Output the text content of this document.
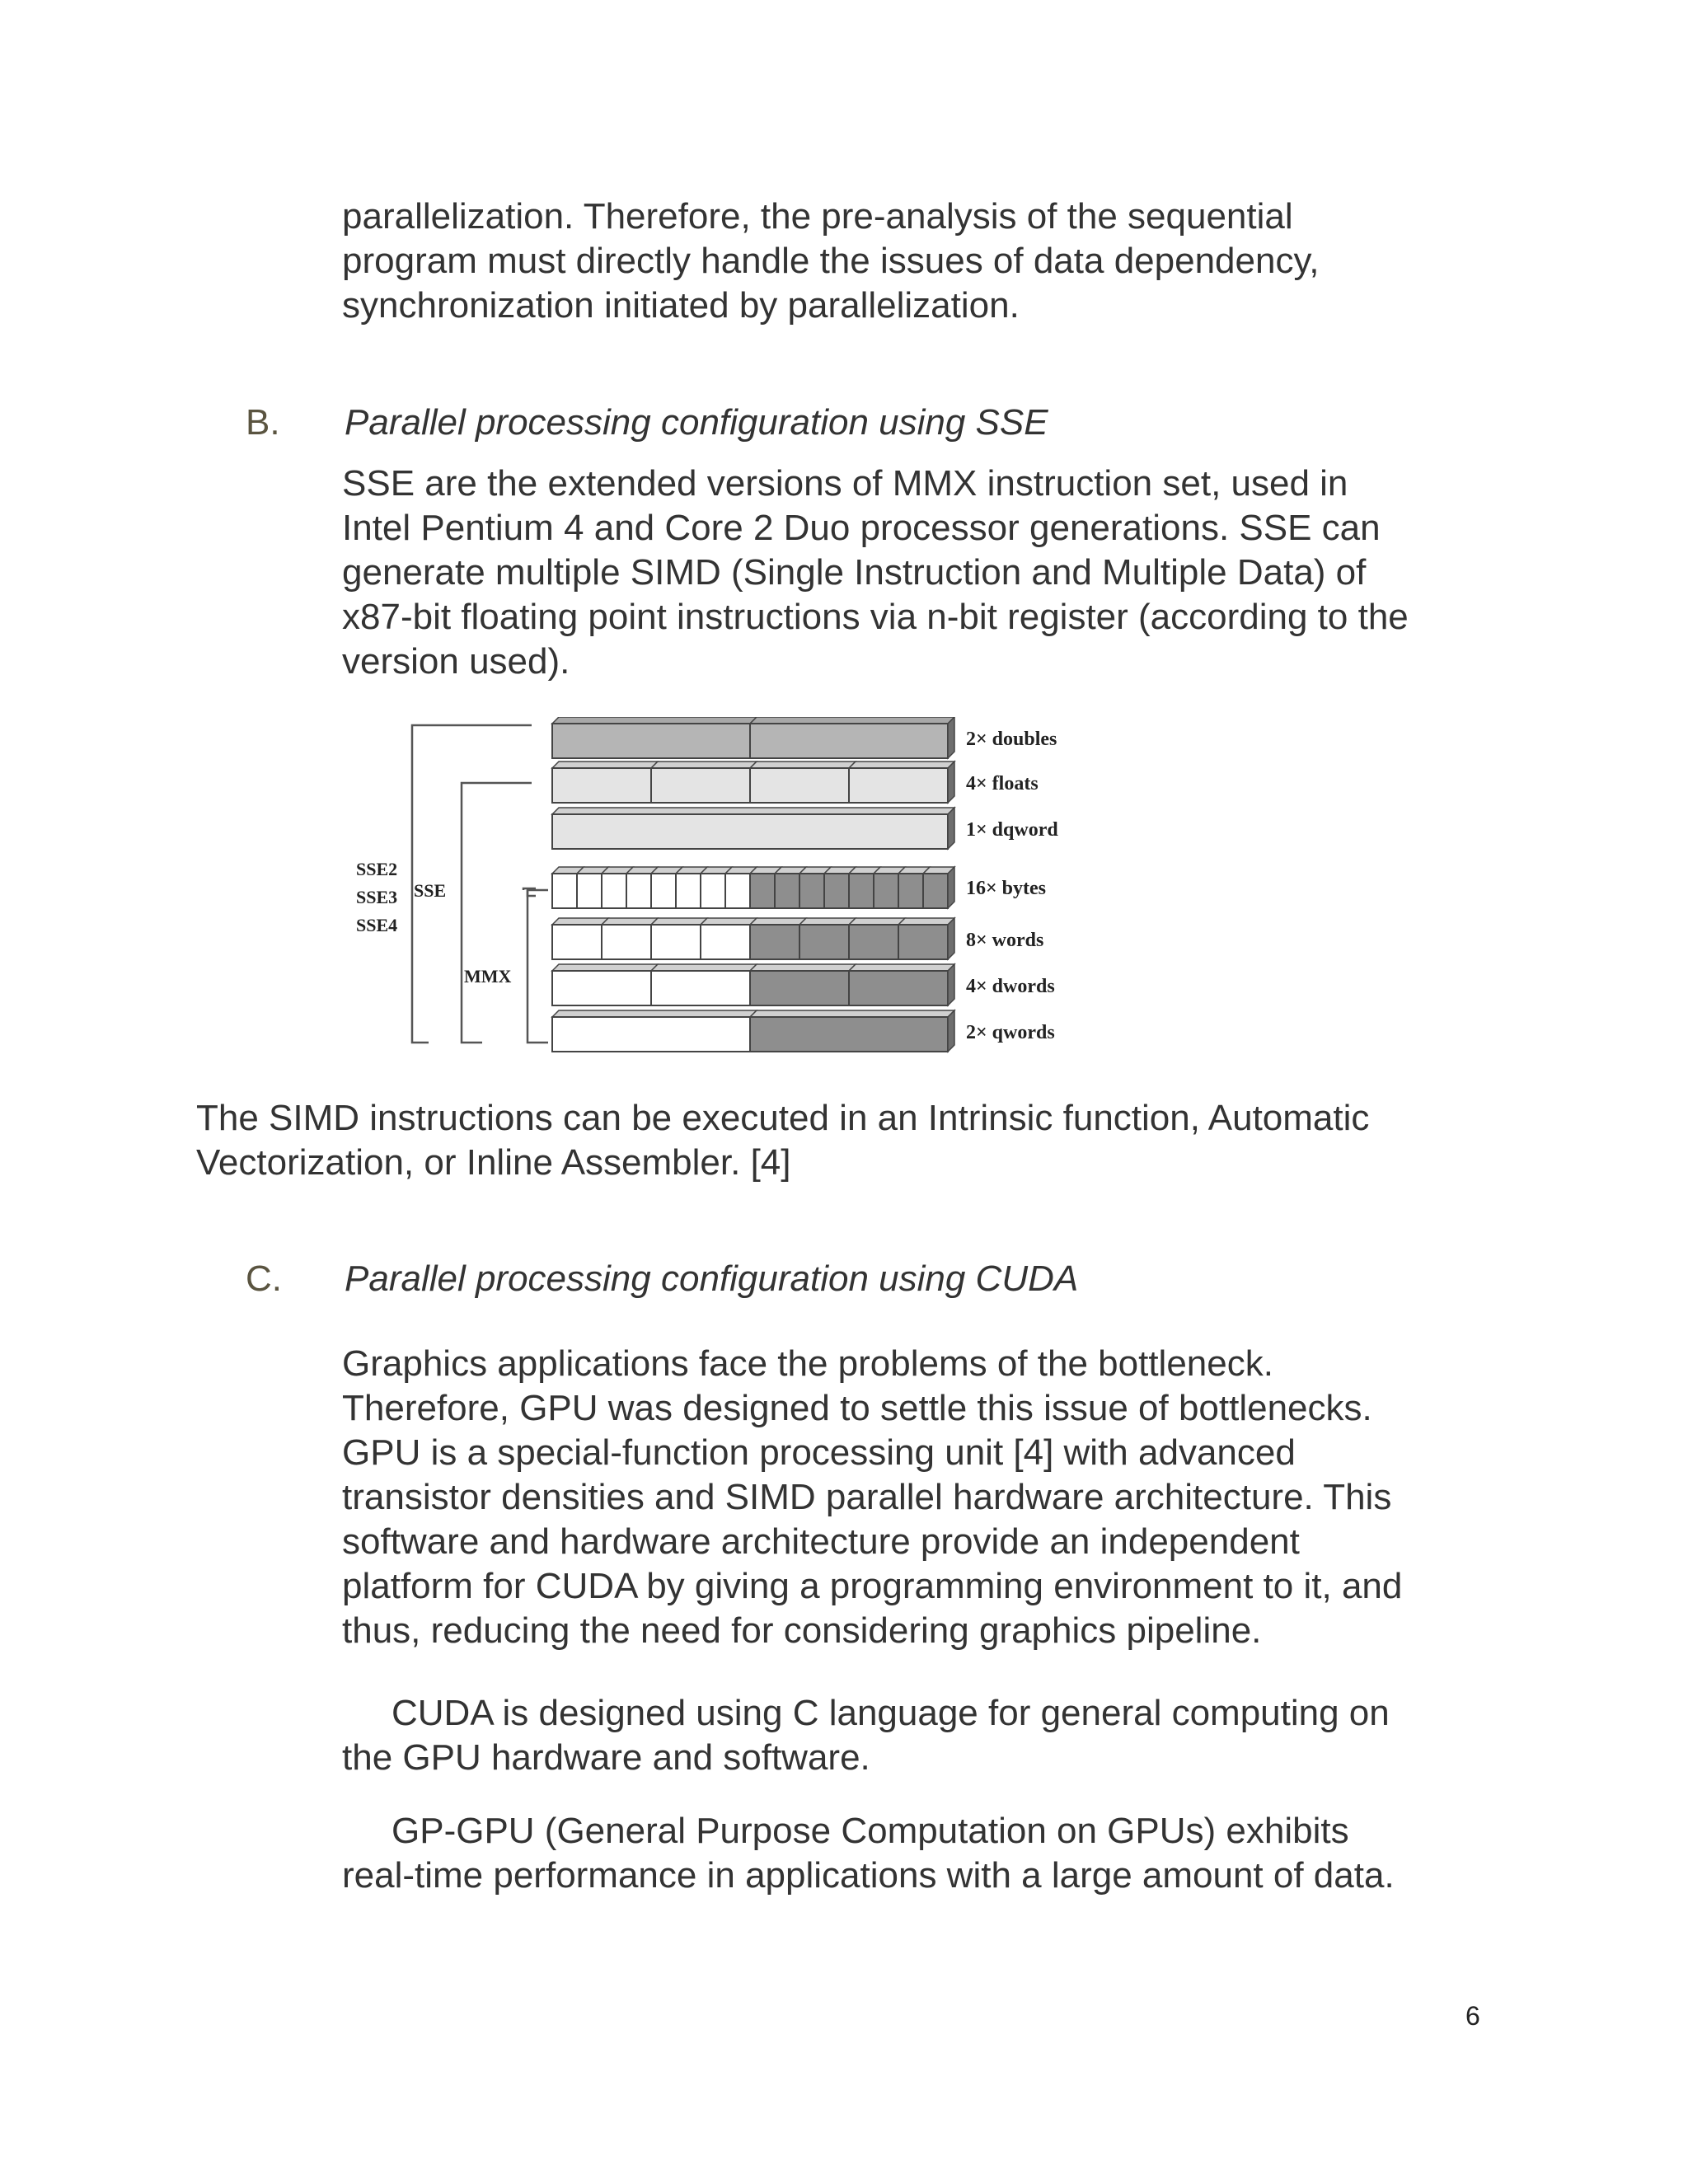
parallelization. Therefore, the pre-analysis of the sequential
program must directly handle the issues of data dependency,
synchronization initiated by parallelization.
B. Parallel processing configuration using SSE
SSE are the extended versions of MMX instruction set, used in
Intel Pentium 4 and Core 2 Duo processor generations. SSE can
generate multiple SIMD (Single Instruction and Multiple Data) of
x87-bit floating point instructions via n-bit register (according to the
version used).
SSE2
SSE3
SSE4
SSE
MMX
2× doubles
4× floats
1× dqword
16× bytes
8× words
4× dwords
2× qwords
The SIMD instructions can be executed in an Intrinsic function, Automatic
Vectorization, or Inline Assembler. [4]
C. Parallel processing configuration using CUDA
Graphics applications face the problems of the bottleneck.
Therefore, GPU was designed to settle this issue of bottlenecks.
GPU is a special-function processing unit [4] with advanced
transistor densities and SIMD parallel hardware architecture. This
software and hardware architecture provide an independent
platform for CUDA by giving a programming environment to it, and
thus, reducing the need for considering graphics pipeline.
CUDA is designed using C language for general computing on
the GPU hardware and software.
GP-GPU (General Purpose Computation on GPUs) exhibits
real-time performance in applications with a large amount of data.
6
